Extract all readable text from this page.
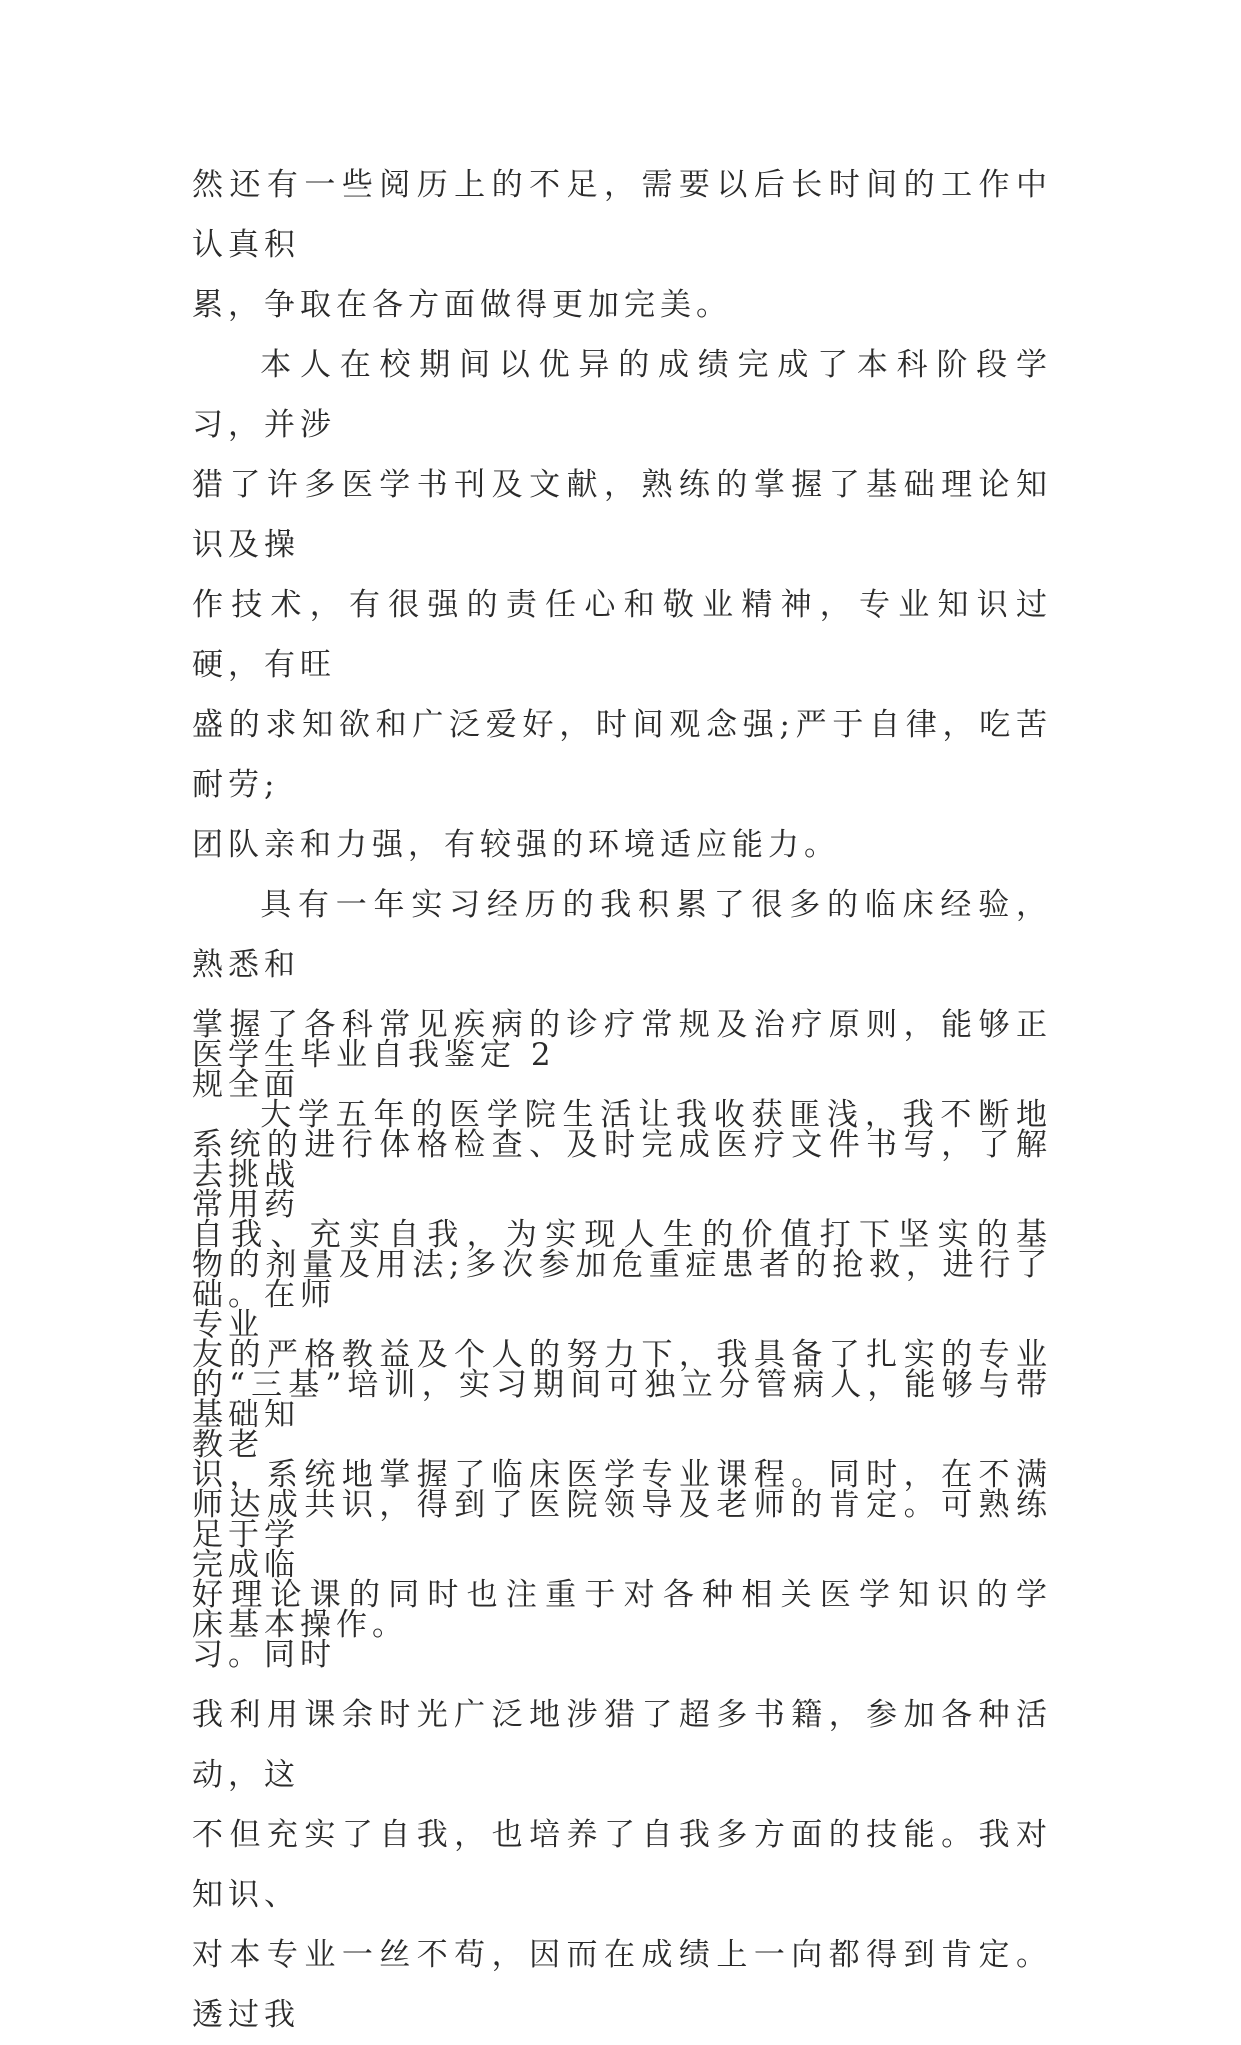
然还有一些阅历上的不足，需要以后长时间的工作中认真积
累，争取在各方面做得更加完美。

本人在校期间以优异的成绩完成了本科阶段学习，并涉
猎了许多医学书刊及文献，熟练的掌握了基础理论知识及操
作技术，有很强的责任心和敬业精神，专业知识过硬，有旺
盛的求知欲和广泛爱好，时间观念强;严于自律，吃苦耐劳;
团队亲和力强，有较强的环境适应能力。

具有一年实习经历的我积累了很多的临床经验，熟悉和
掌握了各科常见疾病的诊疗常规及治疗原则，能够正规全面
系统的进行体格检查、及时完成医疗文件书写，了解常用药
物的剂量及用法;多次参加危重症患者的抢救，进行了专业
的“三基”培训，实习期间可独立分管病人，能够与带教老
师达成共识，得到了医院领导及老师的肯定。可熟练完成临
床基本操作。

医学生毕业自我鉴定 2

大学五年的医学院生活让我收获匪浅，我不断地去挑战
自我、充实自我，为实现人生的价值打下坚实的基础。在师
友的严格教益及个人的努力下，我具备了扎实的专业基础知
识，系统地掌握了临床医学专业课程。同时，在不满足于学
好理论课的同时也注重于对各种相关医学知识的学习。同时
我利用课余时光广泛地涉猎了超多书籍，参加各种活动，这
不但充实了自我，也培养了自我多方面的技能。我对知识、
对本专业一丝不苟，因而在成绩上一向都得到肯定。透过我
